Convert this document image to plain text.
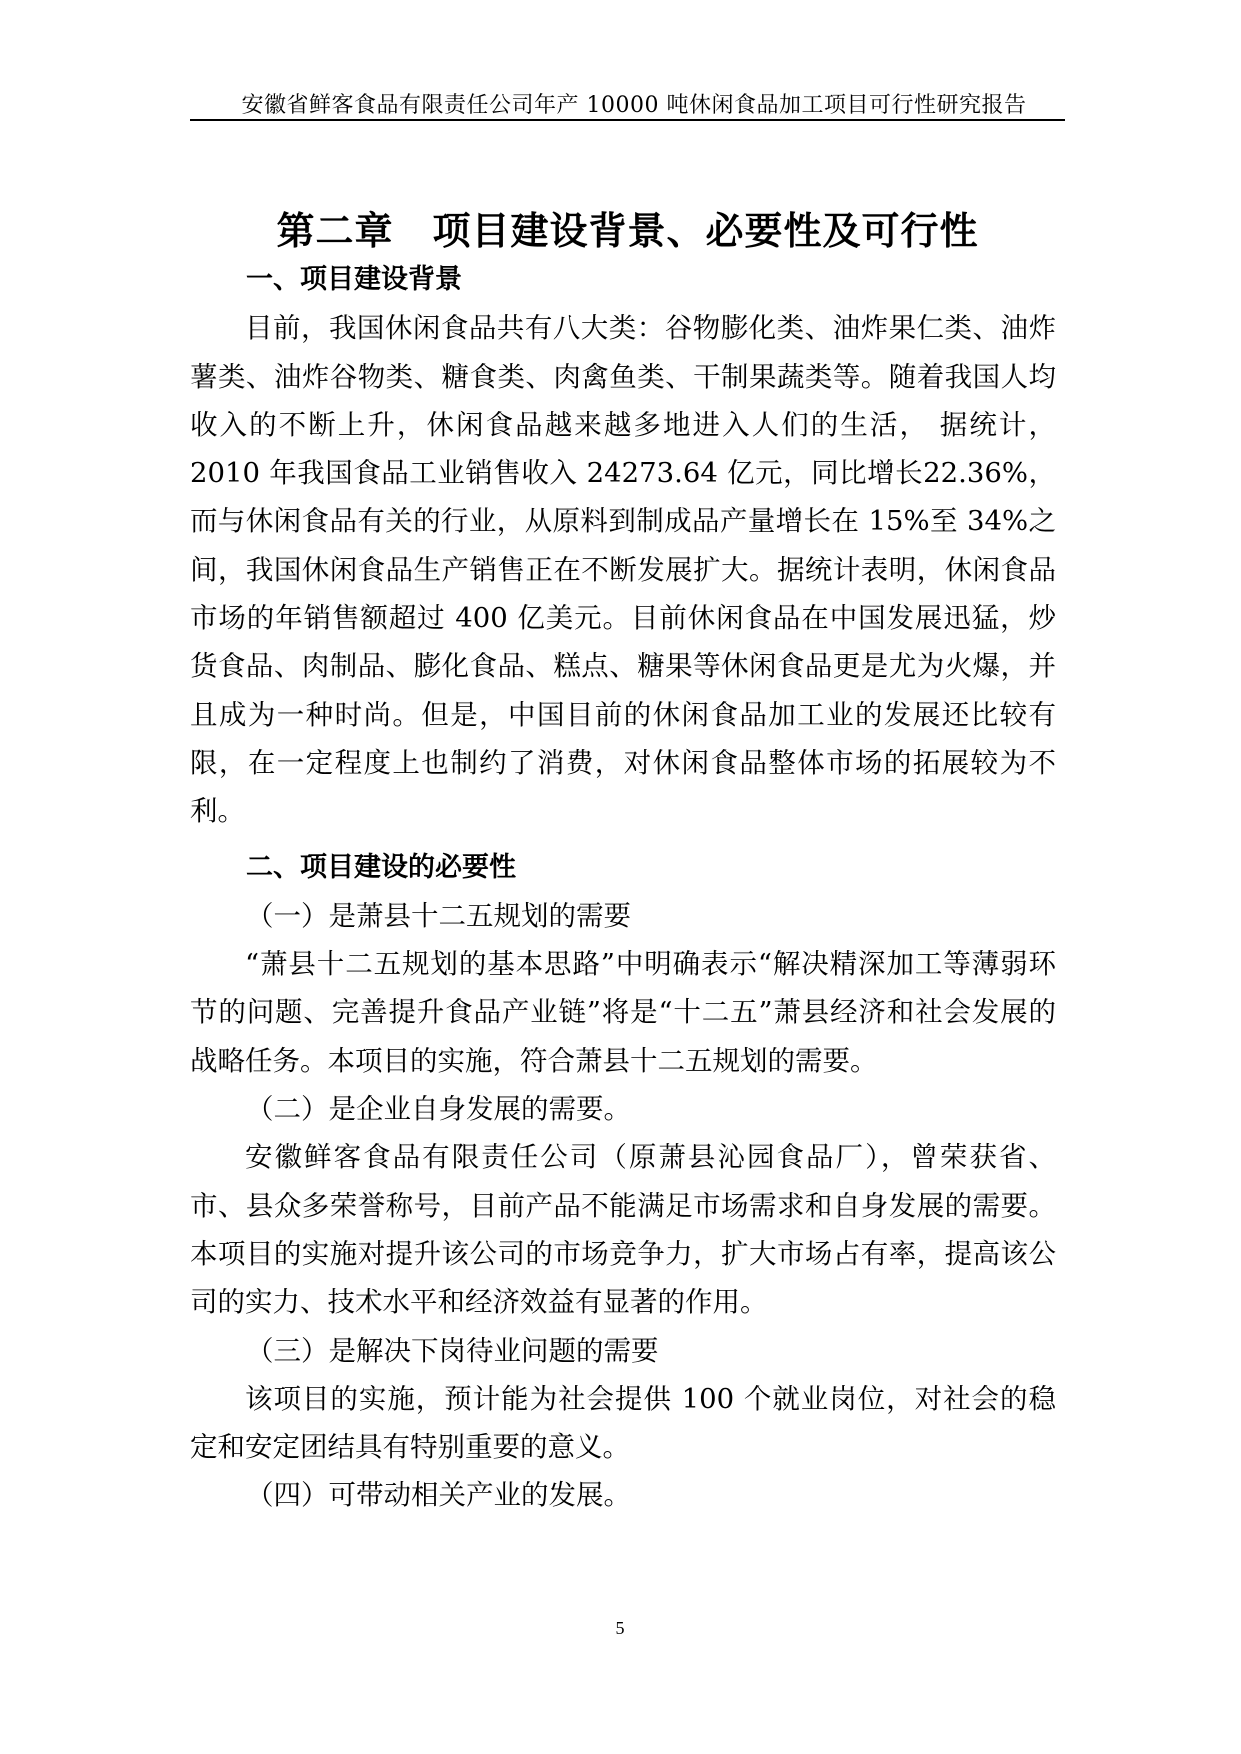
安徽省鲜客食品有限责任公司年产 10000 吨休闲食品加工项目可行性研究报告
第二章　项目建设背景、必要性及可行性
一、项目建设背景

目前，我国休闲食品共有八大类：谷物膨化类、油炸果仁类、油炸薯类、油炸谷物类、糖食类、肉禽鱼类、干制果蔬类等。随着我国人均收入的不断上升，休闲食品越来越多地进入人们的生活， 据统计，2010 年我国食品工业销售收入 24273.64 亿元，同比增长22.36%，而与休闲食品有关的行业，从原料到制成品产量增长在 15%至 34%之间，我国休闲食品生产销售正在不断发展扩大。据统计表明，休闲食品市场的年销售额超过 400 亿美元。目前休闲食品在中国发展迅猛，炒货食品、肉制品、膨化食品、糕点、糖果等休闲食品更是尤为火爆，并且成为一种时尚。但是，中国目前的休闲食品加工业的发展还比较有限，在一定程度上也制约了消费，对休闲食品整体市场的拓展较为不利。

二、项目建设的必要性
（一）是萧县十二五规划的需要

“萧县十二五规划的基本思路”中明确表示“解决精深加工等薄弱环节的问题、完善提升食品产业链”将是“十二五”萧县经济和社会发展的战略任务。本项目的实施，符合萧县十二五规划的需要。

（二）是企业自身发展的需要。

安徽鲜客食品有限责任公司（原萧县沁园食品厂），曾荣获省、市、县众多荣誉称号，目前产品不能满足市场需求和自身发展的需要。本项目的实施对提升该公司的市场竞争力，扩大市场占有率，提高该公司的实力、技术水平和经济效益有显著的作用。

（三）是解决下岗待业问题的需要

该项目的实施，预计能为社会提供 100 个就业岗位，对社会的稳定和安定团结具有特别重要的意义。

（四）可带动相关产业的发展。
5
